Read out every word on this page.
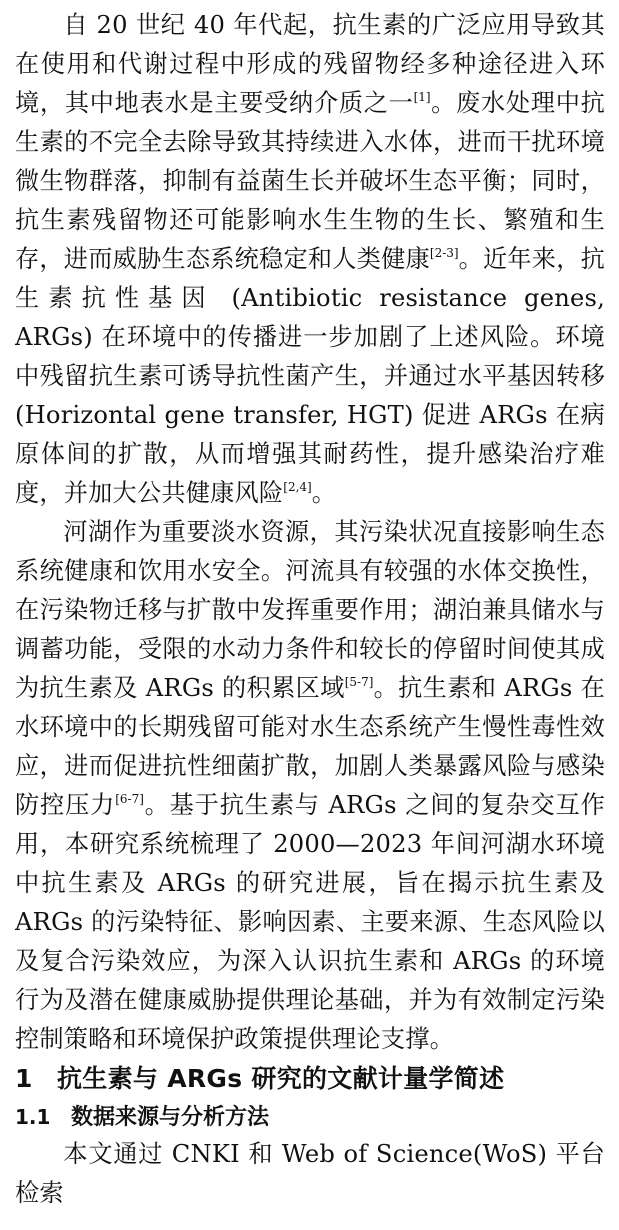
自 20 世纪 40 年代起，抗生素的广泛应用导致其在使用和代谢过程中形成的残留物经多种途径进入环境，其中地表水是主要受纳介质之一[1]。废水处理中抗生素的不完全去除导致其持续进入水体，进而干扰环境微生物群落，抑制有益菌生长并破坏生态平衡；同时，抗生素残留物还可能影响水生生物的生长、繁殖和生存，进而威胁生态系统稳定和人类健康[2-3]。近年来，抗生素抗性基因 (Antibiotic resistance genes, ARGs) 在环境中的传播进一步加剧了上述风险。环境中残留抗生素可诱导抗性菌产生，并通过水平基因转移 (Horizontal gene transfer, HGT) 促进 ARGs 在病原体间的扩散，从而增强其耐药性，提升感染治疗难度，并加大公共健康风险[2,4]。

河湖作为重要淡水资源，其污染状况直接影响生态系统健康和饮用水安全。河流具有较强的水体交换性，在污染物迁移与扩散中发挥重要作用；湖泊兼具储水与调蓄功能，受限的水动力条件和较长的停留时间使其成为抗生素及 ARGs 的积累区域[5-7]。抗生素和 ARGs 在水环境中的长期残留可能对水生态系统产生慢性毒性效应，进而促进抗性细菌扩散，加剧人类暴露风险与感染防控压力[6-7]。基于抗生素与 ARGs 之间的复杂交互作用，本研究系统梳理了 2000—2023 年间河湖水环境中抗生素及 ARGs 的研究进展，旨在揭示抗生素及 ARGs 的污染特征、影响因素、主要来源、生态风险以及复合污染效应，为深入认识抗生素和 ARGs 的环境行为及潜在健康威胁提供理论基础，并为有效制定污染控制策略和环境保护政策提供理论支撑。

1 抗生素与 ARGs 研究的文献计量学简述
1.1 数据来源与分析方法

本文通过 CNKI 和 Web of Science(WoS) 平台检索
